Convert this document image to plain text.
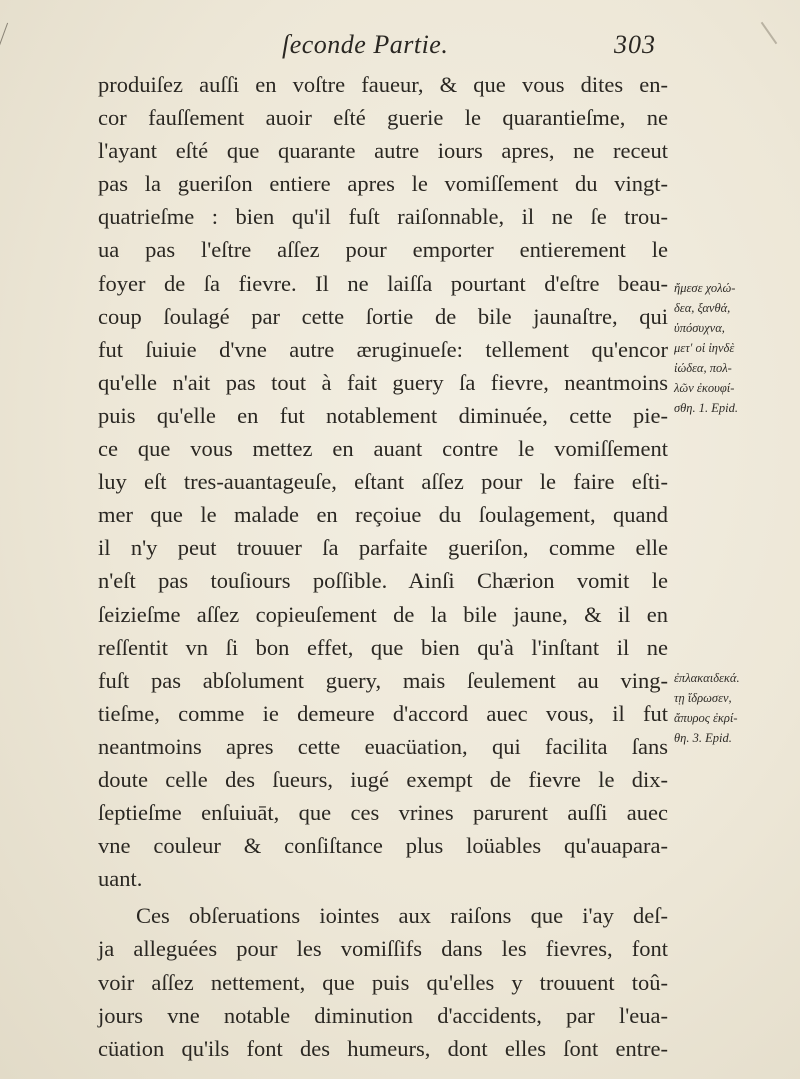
ſeconde Partie.	303
produiſez auſſi en voſtre faueur, & que vous dites en-
cor fauſſement auoir eſté guerie le quarantieſme, ne
l'ayant eſté que quarante autre iours apres, ne receut
pas la gueriſon entiere apres le vomiſſement du vingt-
quatrieſme : bien qu'il fuſt raiſonnable, il ne ſe trou-
ua pas l'eſtre aſſez pour emporter entierement le
foyer de ſa fievre. Il ne laiſſa pourtant d'eſtre beau-
coup ſoulagé par cette ſortie de bile jaunaſtre, qui
fut ſuiuie d'vne autre æruginueſe: tellement qu'encor
qu'elle n'ait pas tout à fait guery ſa fievre, neantmoins
puis qu'elle en fut notablement diminuée, cette pie-
ce que vous mettez en auant contre le vomiſſement
luy eſt tres-auantageuſe, eſtant aſſez pour le faire eſti-
mer que le malade en reçoiue du ſoulagement, quand
il n'y peut trouuer ſa parfaite gueriſon, comme elle
n'eſt pas touſiours poſſible. Ainſi Chærion vomit le
ſeizieſme aſſez copieuſement de la bile jaune, & il en
reſſentit vn ſi bon effet, que bien qu'à l'inſtant il ne
fuſt pas abſolument guery, mais ſeulement au ving-
tieſme, comme ie demeure d'accord auec vous, il fut
neantmoins apres cette euacüation, qui facilita ſans
doute celle des ſueurs, iugé exempt de fievre le dix-
ſeptieſme enſuiuāt, que ces vrines parurent auſſi auec
vne couleur & conſiſtance plus loüables qu'auapara-
uant.
Ces obſeruations iointes aux raiſons que i'ay deſ-
ja alleguées pour les vomiſſifs dans les fievres, font
voir aſſez nettement, que puis qu'elles y trouuent toû-
jours vne notable diminution d'accidents, par l'eua-
cüation qu'ils font des humeurs, dont elles ſont entre-
ἤμεσε χολώ-
δεα, ξανθά,
ὑπόσυχνα,
μετ' οἱ ἰηνδὲ
ἰώδεα, πολ-
λῶν ἐκουφί-
σθη. 1. Epid.
ἐπλακαιδεκά.
τῃ ἵδρωσεν,
ἄπυρος ἐκρί-
θη. 3. Epid.
